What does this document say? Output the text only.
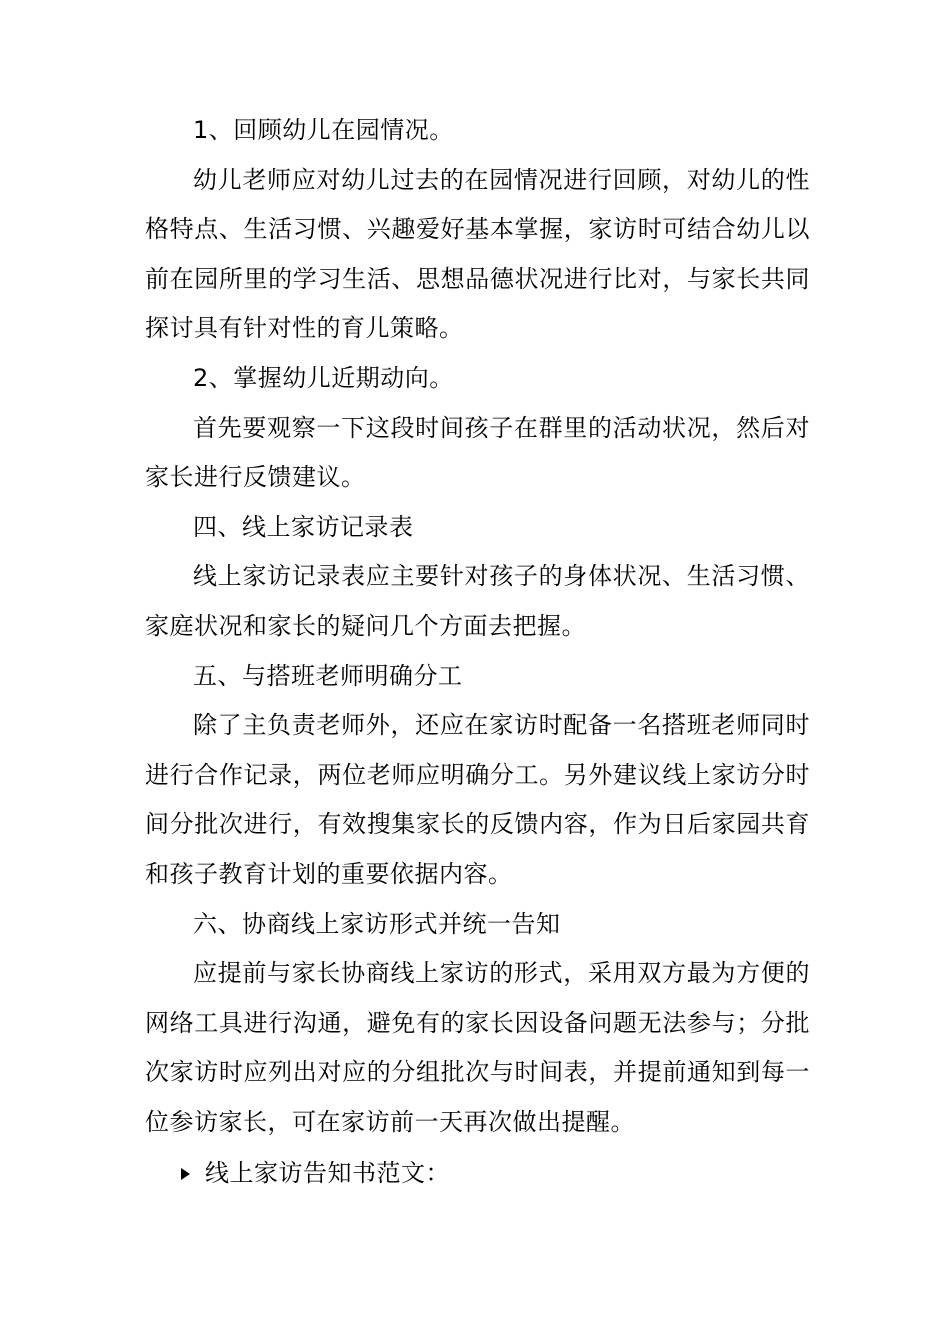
1、回顾幼儿在园情况。

幼儿老师应对幼儿过去的在园情况进行回顾，对幼儿的性格特点、生活习惯、兴趣爱好基本掌握，家访时可结合幼儿以前在园所里的学习生活、思想品德状况进行比对，与家长共同探讨具有针对性的育儿策略。

2、掌握幼儿近期动向。

首先要观察一下这段时间孩子在群里的活动状况，然后对家长进行反馈建议。

四、线上家访记录表

线上家访记录表应主要针对孩子的身体状况、生活习惯、家庭状况和家长的疑问几个方面去把握。

五、与搭班老师明确分工

除了主负责老师外，还应在家访时配备一名搭班老师同时进行合作记录，两位老师应明确分工。另外建议线上家访分时间分批次进行，有效搜集家长的反馈内容，作为日后家园共育和孩子教育计划的重要依据内容。

六、协商线上家访形式并统一告知

应提前与家长协商线上家访的形式，采用双方最为方便的网络工具进行沟通，避免有的家长因设备问题无法参与；分批次家访时应列出对应的分组批次与时间表，并提前通知到每一位参访家长，可在家访前一天再次做出提醒。

线上家访告知书范文：
